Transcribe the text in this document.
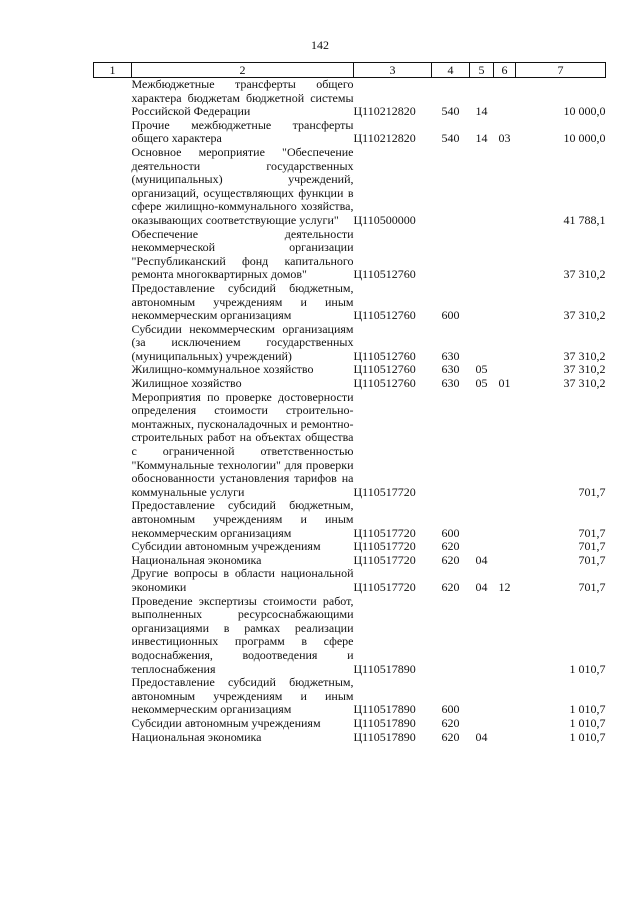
142
1	2	3	4	5	6	7
	Межбюджетные трансферты общего характера бюджетам бюджетной системы Российской Федерации	Ц110212820	540	14		10 000,0
	Прочие межбюджетные трансферты общего характера	Ц110212820	540	14	03	10 000,0
	Основное мероприятие "Обеспечение деятельности государственных (муниципальных) учреждений, организаций, осуществляющих функции в сфере жилищно-коммунального хозяйства, оказывающих соответствующие услуги"	Ц110500000				41 788,1
	Обеспечение деятельности некоммерческой организации "Республиканский фонд капитального ремонта многоквартирных домов"	Ц110512760				37 310,2
	Предоставление субсидий бюджетным, автономным учреждениям и иным некоммерческим организациям	Ц110512760	600			37 310,2
	Субсидии некоммерческим организациям (за исключением государственных (муниципальных) учреждений)	Ц110512760	630			37 310,2
	Жилищно-коммунальное хозяйство	Ц110512760	630	05		37 310,2
	Жилищное хозяйство	Ц110512760	630	05	01	37 310,2
	Мероприятия по проверке достоверности определения стоимости строительно-монтажных, пусконаладочных и ремонтно-строительных работ на объектах общества с ограниченной ответственностью "Коммунальные технологии" для проверки обоснованности установления тарифов на коммунальные услуги	Ц110517720				701,7
	Предоставление субсидий бюджетным, автономным учреждениям и иным некоммерческим организациям	Ц110517720	600			701,7
	Субсидии автономным учреждениям	Ц110517720	620			701,7
	Национальная экономика	Ц110517720	620	04		701,7
	Другие вопросы в области национальной экономики	Ц110517720	620	04	12	701,7
	Проведение экспертизы стоимости работ, выполненных ресурсоснабжающими организациями в рамках реализации инвестиционных программ в сфере водоснабжения, водоотведения и теплоснабжения	Ц110517890				1 010,7
	Предоставление субсидий бюджетным, автономным учреждениям и иным некоммерческим организациям	Ц110517890	600			1 010,7
	Субсидии автономным учреждениям	Ц110517890	620			1 010,7
	Национальная экономика	Ц110517890	620	04		1 010,7
